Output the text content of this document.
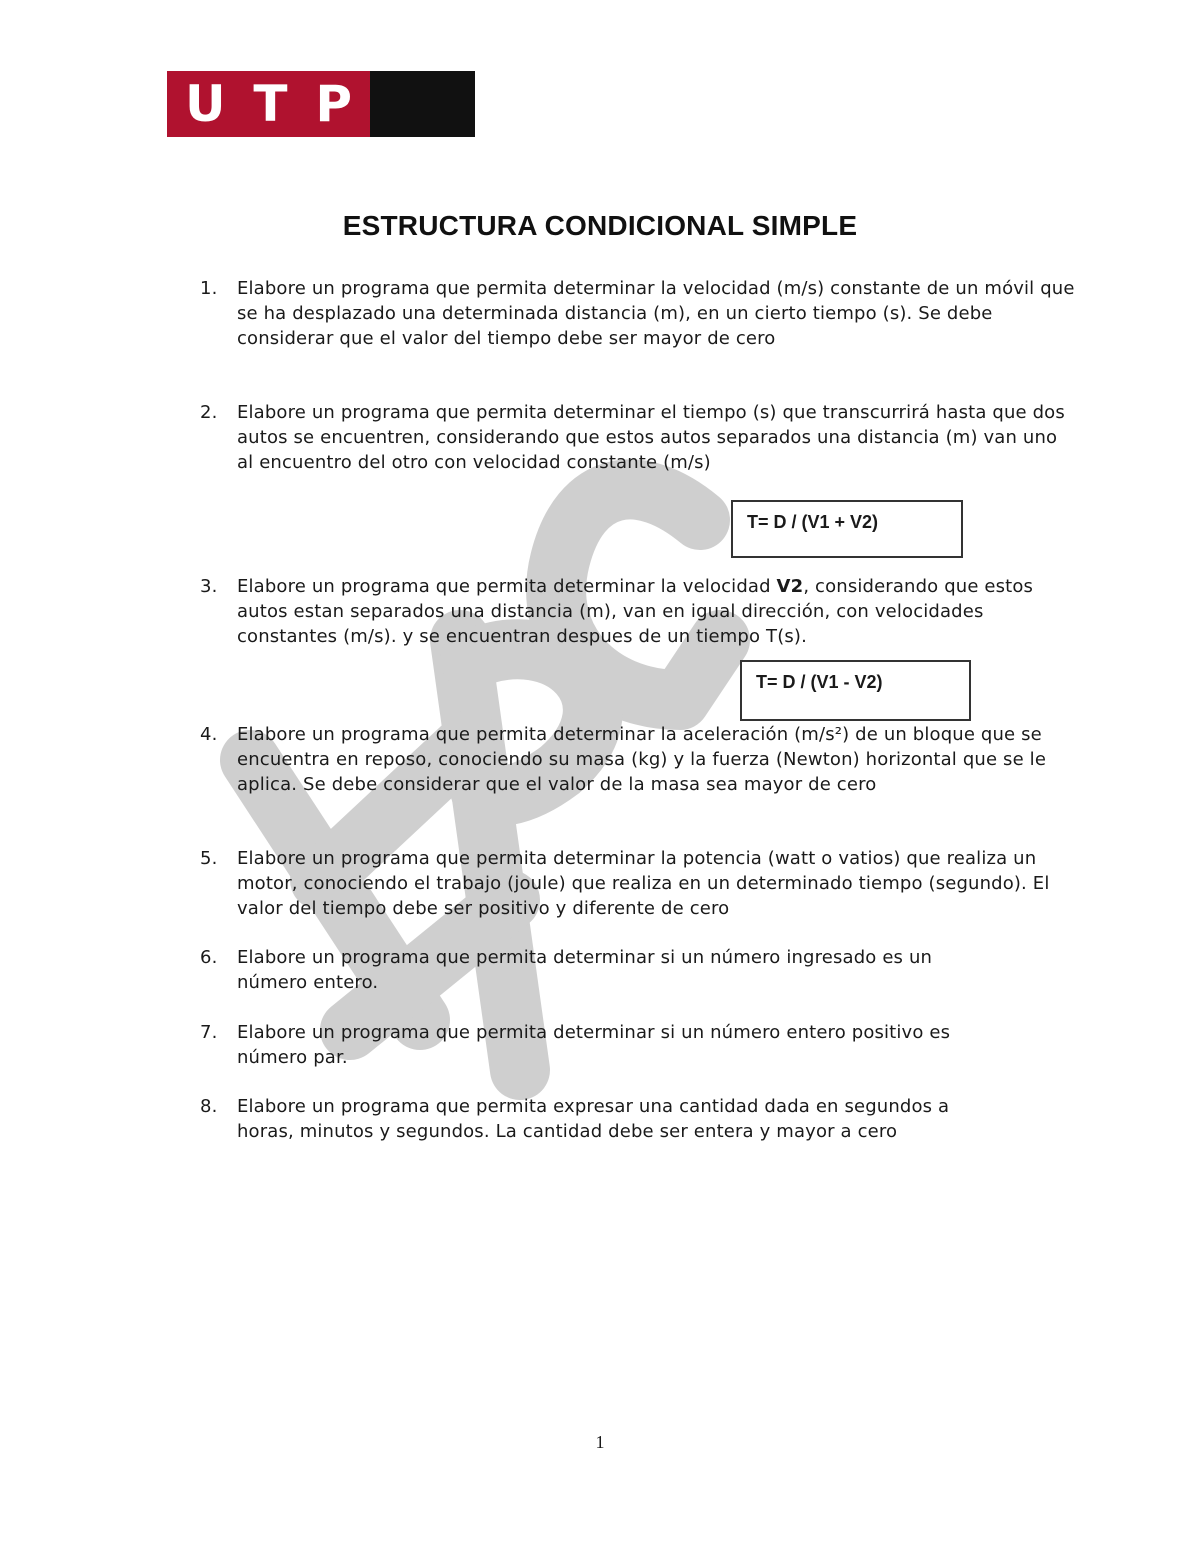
U T P
ESTRUCTURA CONDICIONAL SIMPLE
1.	Elabore un programa que permita determinar la velocidad (m/s) constante de un móvil que se ha desplazado una determinada distancia (m), en un cierto tiempo (s). Se debe considerar que el valor del tiempo debe ser mayor de cero
2.	Elabore un programa que permita determinar el tiempo (s) que transcurrirá hasta que dos autos se encuentren, considerando que estos autos separados una distancia (m) van uno al encuentro del otro con velocidad constante (m/s)
T= D / (V1 + V2)
3.	Elabore un programa que permita determinar la velocidad V2, considerando que estos autos estan separados una distancia (m), van en igual dirección, con velocidades constantes (m/s). y se encuentran despues de un tiempo T(s).
T= D / (V1 - V2)
4.	Elabore un programa que permita determinar la aceleración (m/s²) de un bloque que se encuentra en reposo, conociendo su masa (kg) y la fuerza (Newton) horizontal que se le aplica. Se debe considerar que el valor de la masa sea mayor de cero
5.	Elabore un programa que permita determinar la potencia (watt o vatios) que realiza un motor, conociendo el trabajo (joule) que realiza en un determinado tiempo (segundo). El valor del tiempo debe ser positivo y diferente de cero
6.	Elabore un programa que permita determinar si un número ingresado es un número entero.
7.	Elabore un programa que permita determinar si un número entero positivo es número par.
8.	Elabore un programa que permita expresar una cantidad dada en segundos a horas, minutos y segundos. La cantidad debe ser entera y mayor a cero
1
